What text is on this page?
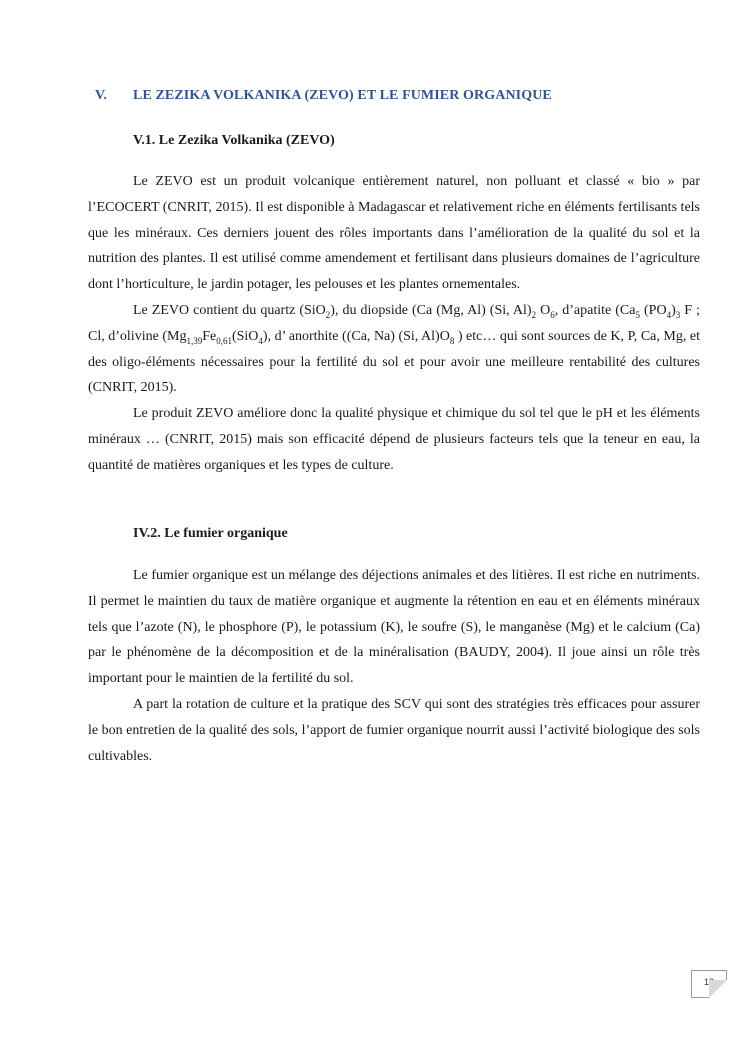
V. LE ZEZIKA VOLKANIKA (ZEVO) ET LE FUMIER ORGANIQUE
V.1. Le Zezika Volkanika (ZEVO)

Le ZEVO est un produit volcanique entièrement naturel, non polluant et classé « bio » par l’ECOCERT (CNRIT, 2015). Il est disponible à Madagascar et relativement riche en éléments fertilisants tels que les minéraux. Ces derniers jouent des rôles importants dans l’amélioration de la qualité du sol et la nutrition des plantes. Il est utilisé comme amendement et fertilisant dans plusieurs domaines de l’agriculture dont l’horticulture, le jardin potager, les pelouses et les plantes ornementales.

Le ZEVO contient du quartz (SiO$_2$), du diopside (Ca (Mg, Al) (Si, $Al)_2$ $O_6$, d’apatite ($Ca_5$ $(PO_4)_3$ F ; Cl, d’olivine ($Mg_{1,39}Fe_{0,61}(SiO_4)$, d’ anorthite ((Ca, Na) (Si, $Al)O_8$ ) etc… qui sont sources de K, P, Ca, Mg, et des oligo-éléments nécessaires pour la fertilité du sol et pour avoir une meilleure rentabilité des cultures (CNRIT, 2015).

Le produit ZEVO améliore donc la qualité physique et chimique du sol tel que le pH et les éléments minéraux … (CNRIT, 2015) mais son efficacité dépend de plusieurs facteurs tels que la teneur en eau, la quantité de matières organiques et les types de culture.

IV.2. Le fumier organique

Le fumier organique est un mélange des déjections animales et des litières. Il est riche en nutriments. Il permet le maintien du taux de matière organique et augmente la rétention en eau et en éléments minéraux tels que l’azote (N), le phosphore (P), le potassium (K), le soufre (S), le manganèse (Mg) et le calcium (Ca) par le phénomène de la décomposition et de la minéralisation (BAUDY, 2004). Il joue ainsi un rôle très important pour le maintien de la fertilité du sol.

A part la rotation de culture et la pratique des SCV qui sont des stratégies très efficaces pour assurer le bon entretien de la qualité des sols, l’apport de fumier organique nourrit aussi l’activité biologique des sols cultivables.

12
